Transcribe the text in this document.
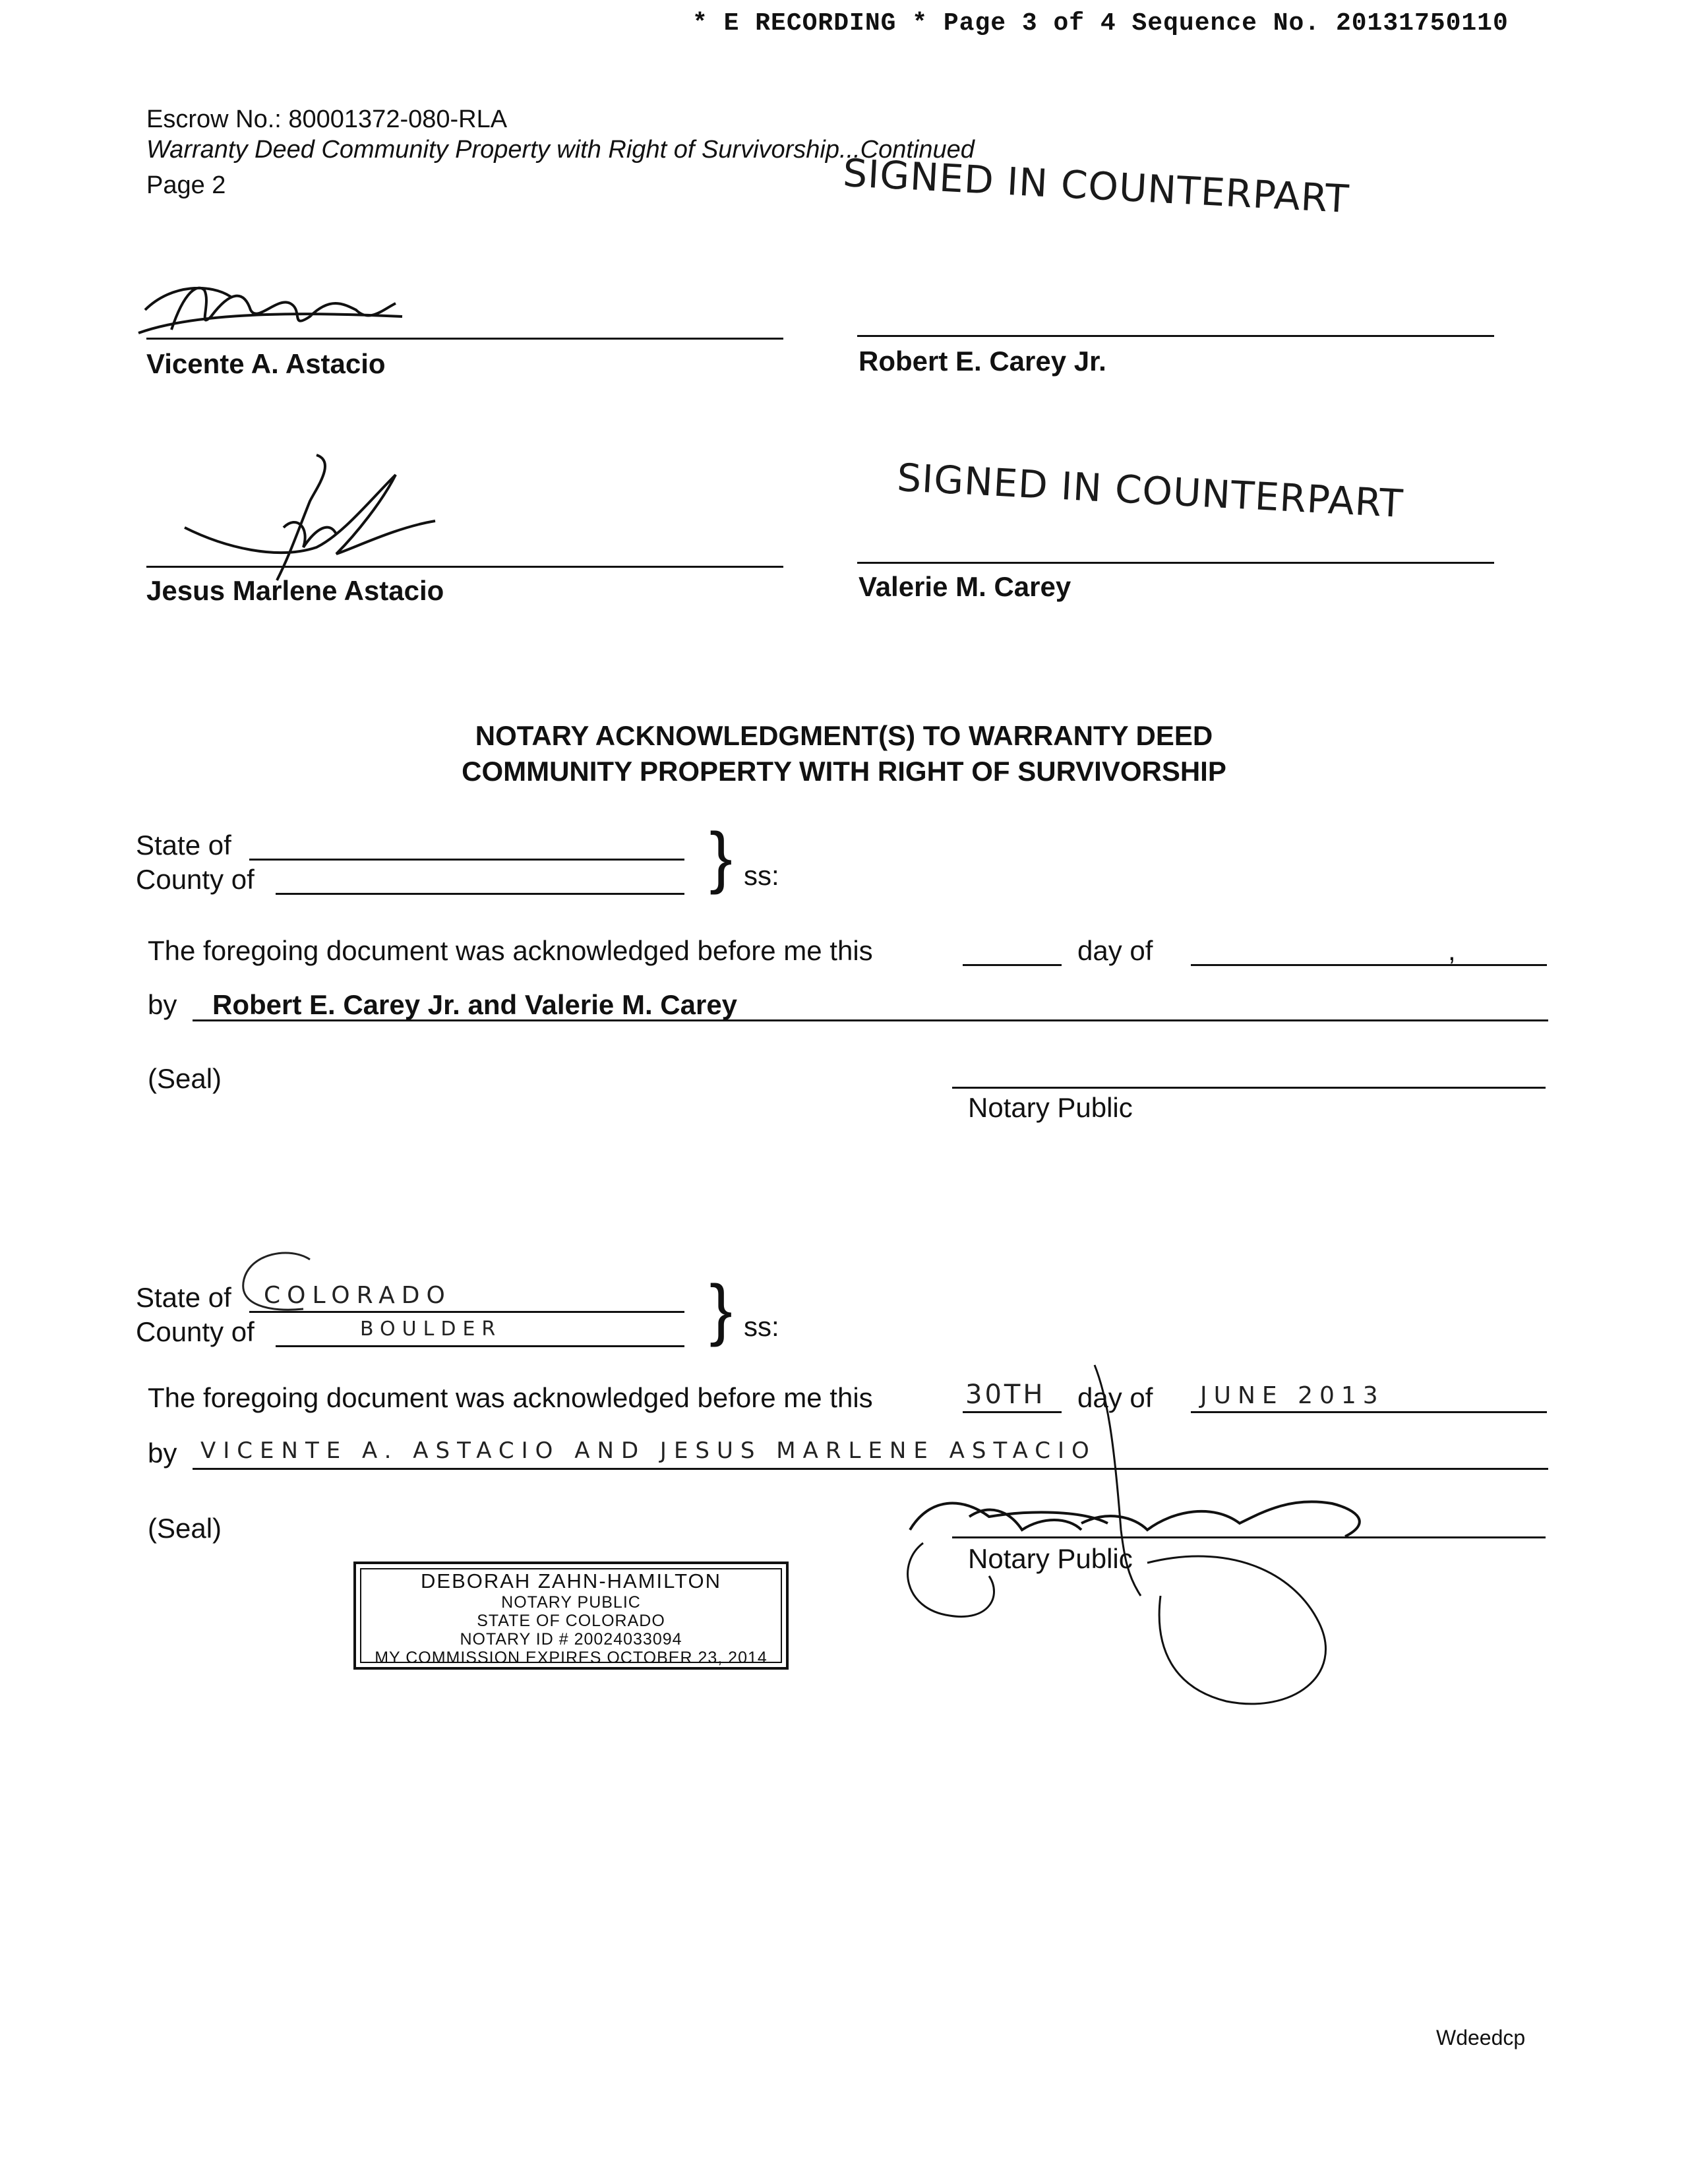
* E RECORDING * Page 3 of 4 Sequence No. 20131750110
Escrow No.: 80001372-080-RLA
Warranty Deed Community Property with Right of Survivorship...Continued
Page 2	SIGNED IN COUNTERPART
SIGNED IN COUNTERPART
Vicente A. Astacio	Robert E. Carey Jr.
Jesus Marlene Astacio	Valerie M. Carey
NOTARY ACKNOWLEDGMENT(S) TO WARRANTY DEED
COMMUNITY PROPERTY WITH RIGHT OF SURVIVORSHIP
State of
County of	} ss:
The foregoing document was acknowledged before me this	day of	,
by Robert E. Carey Jr. and Valerie M. Carey
(Seal)
Notary Public
State of COLORADO
County of	BOULDER	} ss:
The foregoing document was acknowledged before me this	30TH day of JUNE 2013
by VICENTE A. ASTACIO AND JESUS MARLENE ASTACIO
(Seal)
Notary Public
DEBORAH ZAHN-HAMILTON
NOTARY PUBLIC
STATE OF COLORADO
NOTARY ID # 20024033094
MY COMMISSION EXPIRES OCTOBER 23, 2014
Wdeedcp
